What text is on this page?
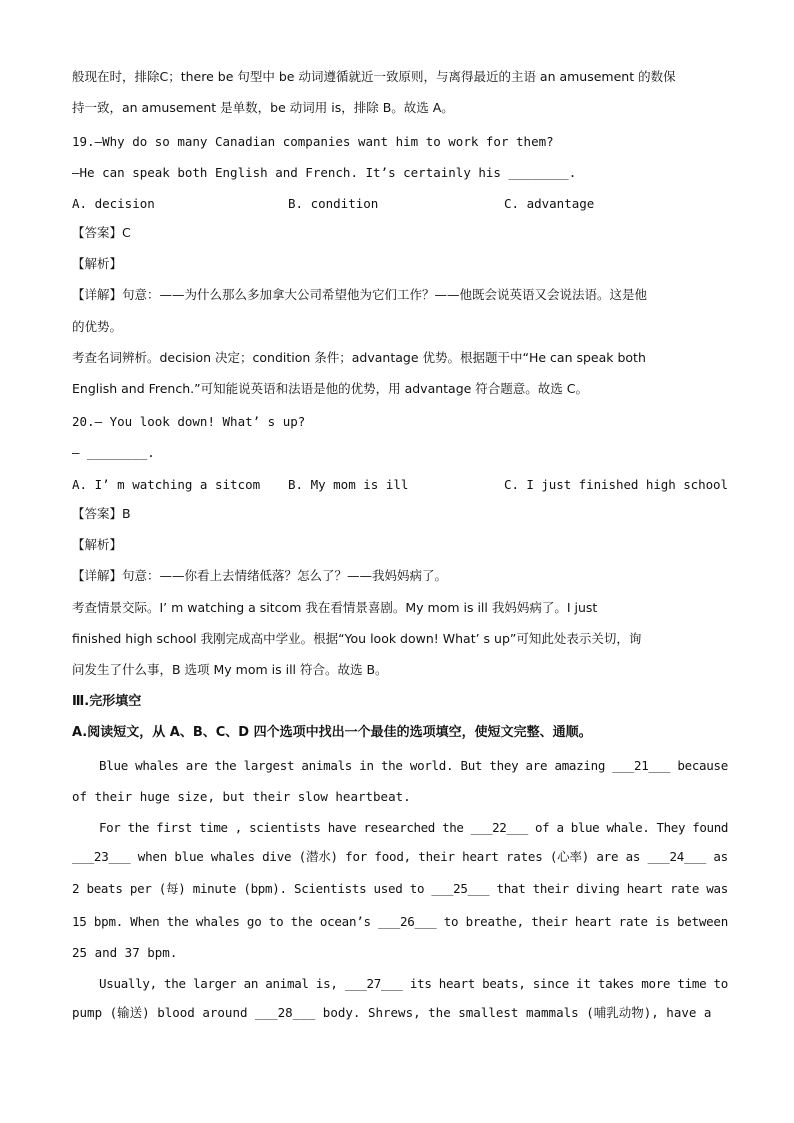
般现在时，排除C；there be 句型中 be 动词遵循就近一致原则，与离得最近的主语 an amusement 的数保
持一致，an amusement 是单数，be 动词用 is，排除 B。故选 A。
19.—Why do so many Canadian companies want him to work for them?
—He can speak both English and French. It’s certainly his ________.
A. decision	B. condition	C. advantage
【答案】C
【解析】
【详解】句意：——为什么那么多加拿大公司希望他为它们工作？——他既会说英语又会说法语。这是他
的优势。
考查名词辨析。decision 决定；condition 条件；advantage 优势。根据题干中“He can speak both
English and French.”可知能说英语和法语是他的优势，用 advantage 符合题意。故选 C。
20.— You look down! What’ s up?
— ________.
A. I’ m watching a sitcom B. My mom is ill	C. I just finished high school
【答案】B
【解析】
【详解】句意：——你看上去情绪低落？怎么了？——我妈妈病了。
考查情景交际。I’ m watching a sitcom 我在看情景喜剧。My mom is ill 我妈妈病了。I just
finished high school 我刚完成高中学业。根据“You look down! What’ s up”可知此处表示关切，询
问发生了什么事，B 选项 My mom is ill 符合。故选 B。
Ⅲ.完形填空
A.阅读短文，从 A、B、C、D 四个选项中找出一个最佳的选项填空，使短文完整、通顺。
Blue whales are the largest animals in the world. But they are amazing ___21___ because
of their huge size, but their slow heartbeat.
For the first time , scientists have researched the ___22___ of a blue whale. They found
___23___ when blue whales dive (潜水) for food, their heart rates (心率) are as ___24___ as
2 beats per (每) minute (bpm). Scientists used to ___25___ that their diving heart rate was
15 bpm. When the whales go to the ocean’s ___26___ to breathe, their heart rate is between
25 and 37 bpm.
Usually, the larger an animal is, ___27___ its heart beats, since it takes more time to
pump (输送) blood around ___28___ body. Shrews, the smallest mammals (哺乳动物), have a
